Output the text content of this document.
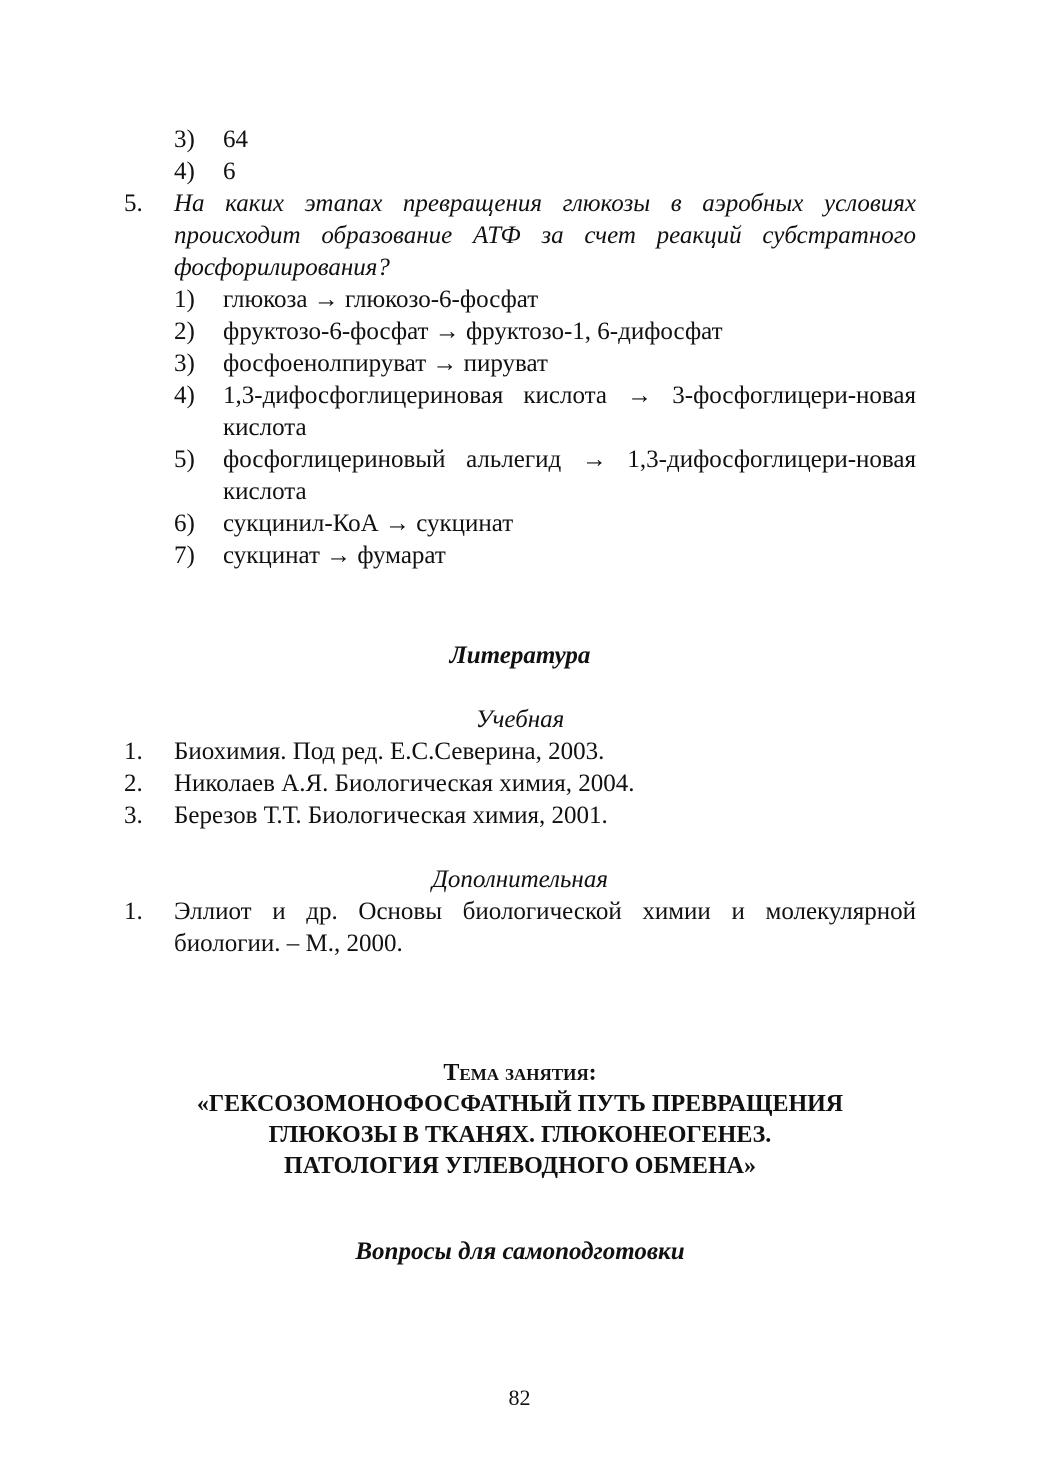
3) 64
4) 6
5. На каких этапах превращения глюкозы в аэробных условиях происходит образование АТФ за счет реакций субстратного фосфорилирования?
1) глюкоза → глюкозо-6-фосфат
2) фруктозо-6-фосфат → фруктозо-1, 6-дифосфат
3) фосфоенолпируват → пируват
4) 1,3-дифосфоглицериновая кислота → 3-фосфоглицери-новая кислота
5) фосфоглицериновый альлегид → 1,3-дифосфоглицери-новая кислота
6) сукцинил-КоА → сукцинат
7) сукцинат → фумарат
Литература
Учебная
1. Биохимия. Под ред. Е.С.Северина, 2003.
2. Николаев А.Я. Биологическая химия, 2004.
3. Березов Т.Т. Биологическая химия, 2001.
Дополнительная
1. Эллиот и др. Основы биологической химии и молекулярной биологии. – М., 2000.
Тема занятия:
«ГЕКСОЗОМОНОФОСФАТНЫЙ ПУТЬ ПРЕВРАЩЕНИЯ
ГЛЮКОЗЫ В ТКАНЯХ. ГЛЮКОНЕОГЕНЕЗ.
ПАТОЛОГИЯ УГЛЕВОДНОГО ОБМЕНА»
Вопросы для самоподготовки
82
